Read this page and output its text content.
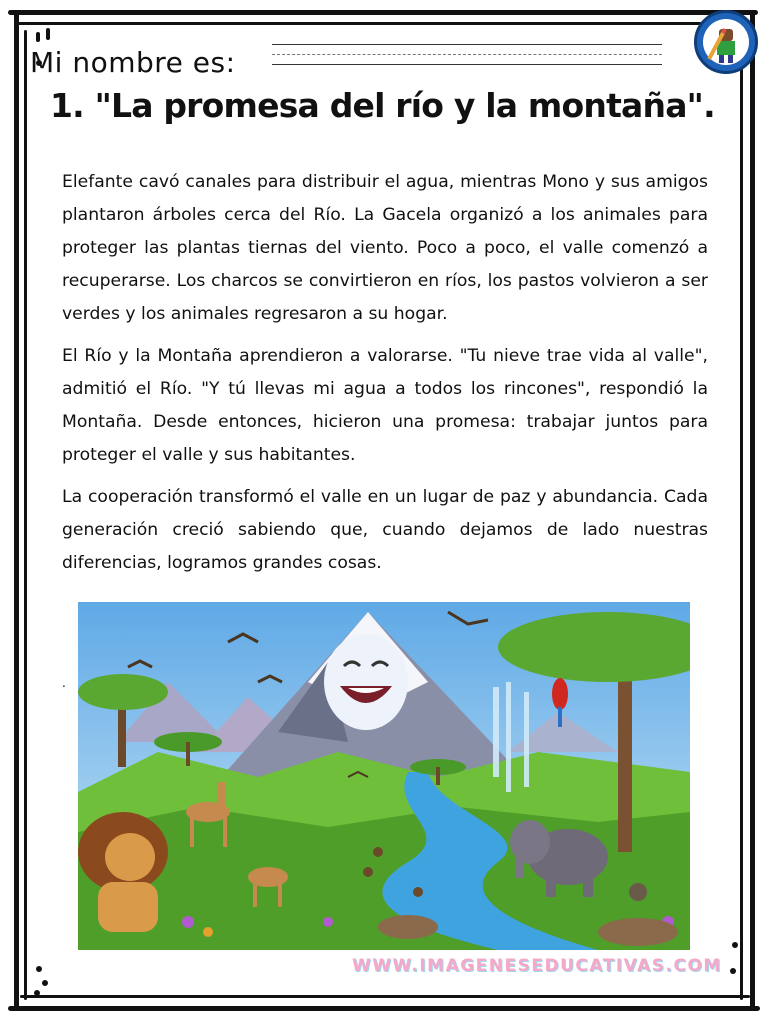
Mi nombre es:
1. "La promesa del río y la montaña".

Elefante cavó canales para distribuir el agua, mientras Mono y sus amigos plantaron árboles cerca del Río. La Gacela organizó a los animales para proteger las plantas tiernas del viento. Poco a poco, el valle comenzó a recuperarse. Los charcos se convirtieron en ríos, los pastos volvieron a ser verdes y los animales regresaron a su hogar.

El Río y la Montaña aprendieron a valorarse. "Tu nieve trae vida al valle", admitió el Río. "Y tú llevas mi agua a todos los rincones", respondió la Montaña. Desde entonces, hicieron una promesa: trabajar juntos para proteger el valle y sus habitantes.

La cooperación transformó el valle en un lugar de paz y abundancia. Cada generación creció sabiendo que, cuando dejamos de lado nuestras diferencias, logramos grandes cosas.

.
WWW.IMAGENESEDUCATIVAS.COM
